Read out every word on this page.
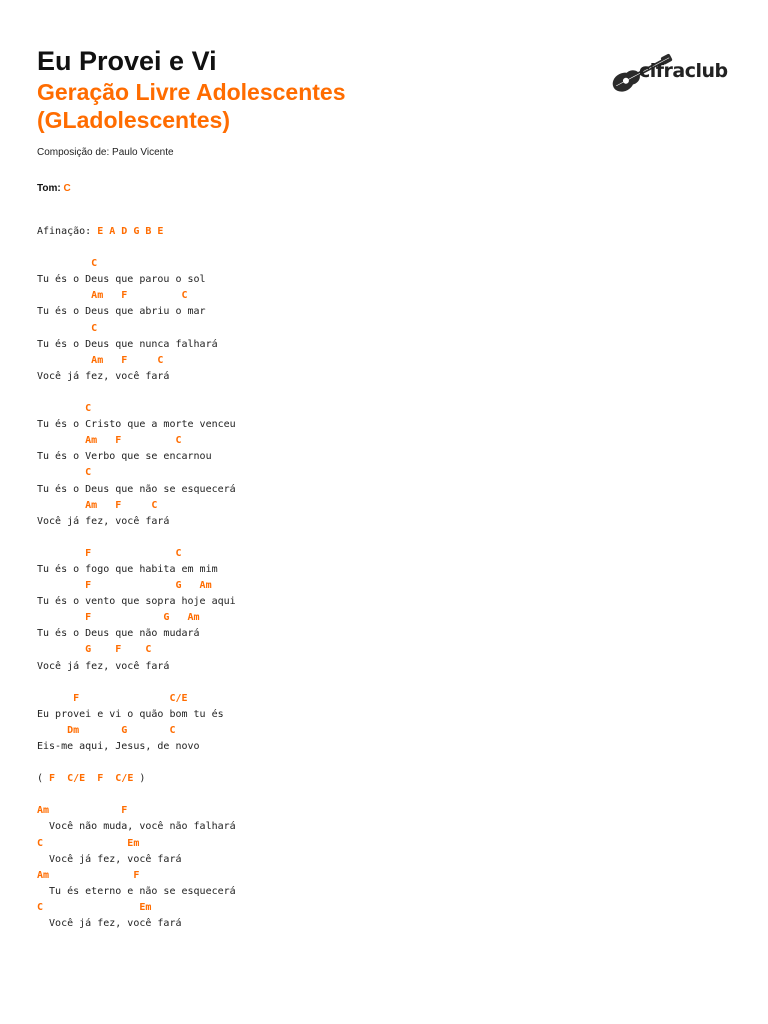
Eu Provei e Vi
Geração Livre Adolescentes (GLadolescentes)
cifraclub
Composição de: Paulo Vicente
Tom: C
Afinação: E A D G B E

C
Tu és o Deus que parou o sol
Am   F         C
Tu és o Deus que abriu o mar
C
Tu és o Deus que nunca falhará
Am   F     C
Você já fez, você fará

C
Tu és o Cristo que a morte venceu
Am   F         C
Tu és o Verbo que se encarnou
C
Tu és o Deus que não se esquecerá
Am   F     C
Você já fez, você fará

F              C
Tu és o fogo que habita em mim
F              G   Am
Tu és o vento que sopra hoje aqui
F            G   Am
Tu és o Deus que não mudará
G    F    C
Você já fez, você fará

F               C/E
Eu provei e vi o quão bom tu és
Dm       G       C
Eis-me aqui, Jesus, de novo

( F  C/E  F  C/E )

Am            F
Você não muda, você não falhará
C              Em
Você já fez, você fará
Am              F
Tu és eterno e não se esquecerá
C                Em
Você já fez, você fará
